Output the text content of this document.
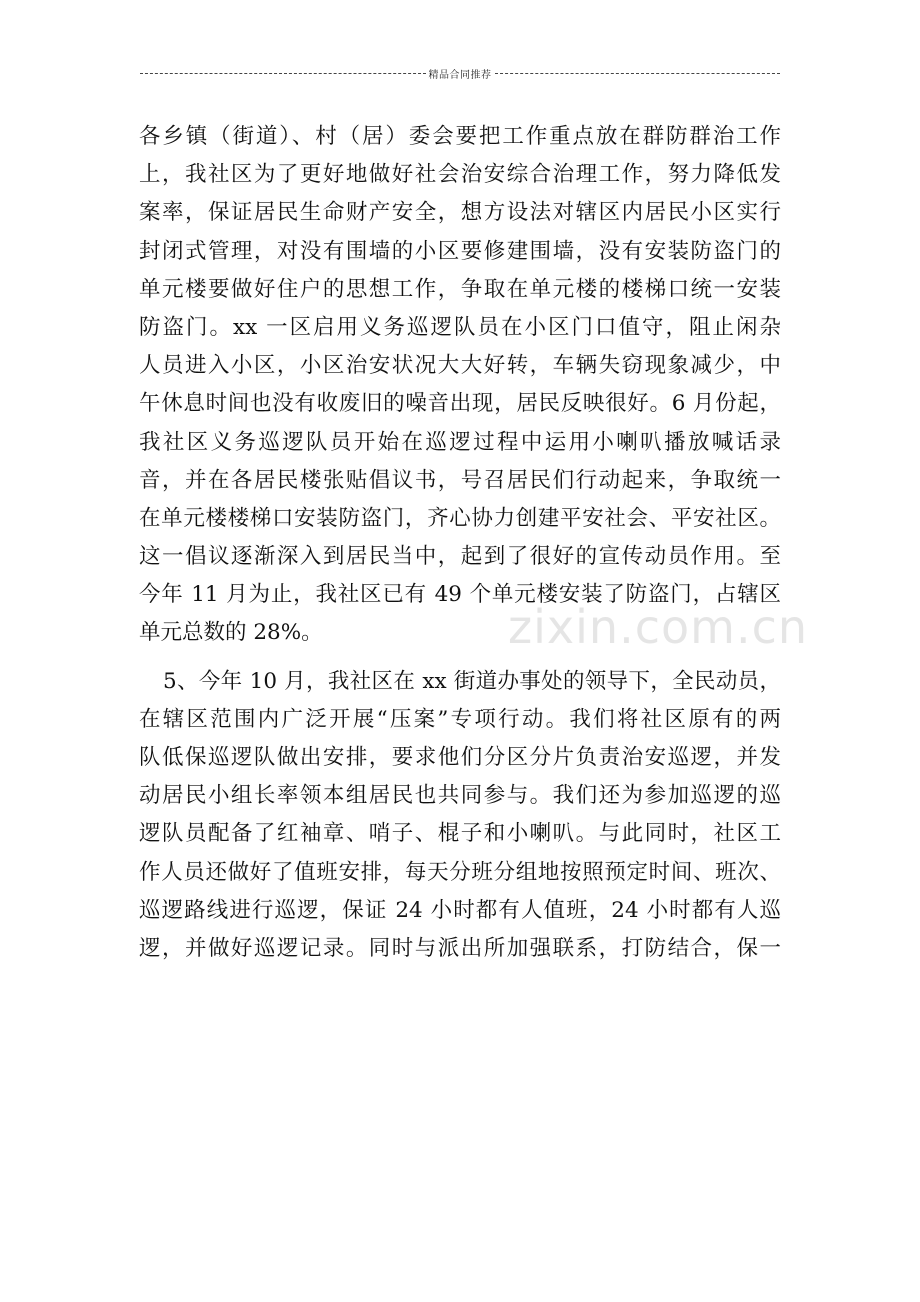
精品合同推荐
zixin.com.cn
各乡镇（街道）、村（居）委会要把工作重点放在群防群治工作
上，我社区为了更好地做好社会治安综合治理工作，努力降低发
案率，保证居民生命财产安全，想方设法对辖区内居民小区实行
封闭式管理，对没有围墙的小区要修建围墙，没有安装防盗门的
单元楼要做好住户的思想工作，争取在单元楼的楼梯口统一安装
防盗门。xx 一区启用义务巡逻队员在小区门口值守，阻止闲杂
人员进入小区，小区治安状况大大好转，车辆失窃现象减少，中
午休息时间也没有收废旧的噪音出现，居民反映很好。6 月份起，
我社区义务巡逻队员开始在巡逻过程中运用小喇叭播放喊话录
音，并在各居民楼张贴倡议书，号召居民们行动起来，争取统一
在单元楼楼梯口安装防盗门，齐心协力创建平安社会、平安社区。
这一倡议逐渐深入到居民当中，起到了很好的宣传动员作用。至
今年 11 月为止，我社区已有 49 个单元楼安装了防盗门，占辖区
单元总数的 28%。
5、今年 10 月，我社区在 xx 街道办事处的领导下，全民动员，
在辖区范围内广泛开展“压案”专项行动。我们将社区原有的两
队低保巡逻队做出安排，要求他们分区分片负责治安巡逻，并发
动居民小组长率领本组居民也共同参与。我们还为参加巡逻的巡
逻队员配备了红袖章、哨子、棍子和小喇叭。与此同时，社区工
作人员还做好了值班安排，每天分班分组地按照预定时间、班次、
巡逻路线进行巡逻，保证 24 小时都有人值班，24 小时都有人巡
逻，并做好巡逻记录。同时与派出所加强联系，打防结合，保一
